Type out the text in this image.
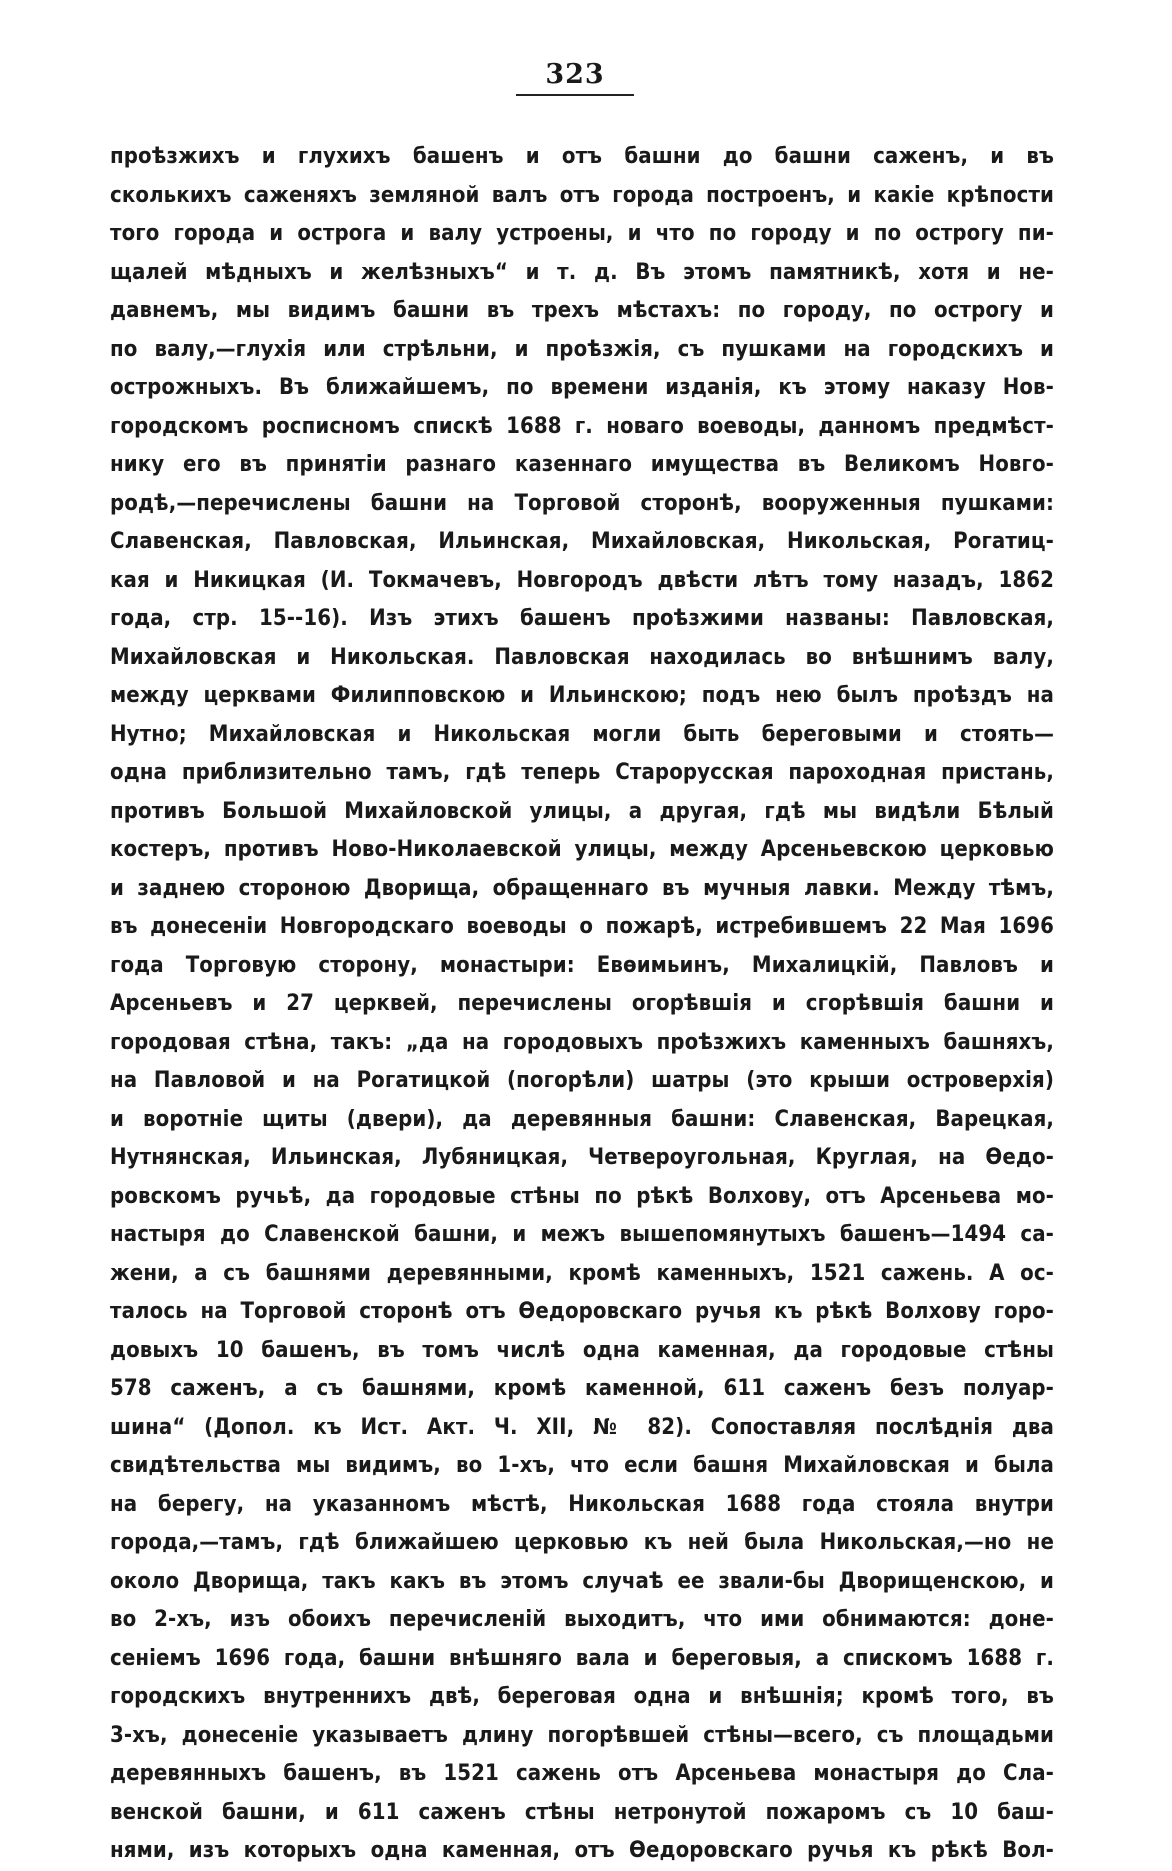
323
проѣзжихъ и глухихъ башенъ и отъ башни до башни саженъ, и въ
сколькихъ саженяхъ земляной валъ отъ города построенъ, и какіе крѣпости
того города и острога и валу устроены, и что по городу и по острогу пи-
щалей мѣдныхъ и желѣзныхъ“ и т. д. Въ этомъ памятникѣ, хотя и не-
давнемъ, мы видимъ башни въ трехъ мѣстахъ: по городу, по острогу и
по валу,—глухія или стрѣльни, и проѣзжія, съ пушками на городскихъ и
острожныхъ. Въ ближайшемъ, по времени изданія, къ этому наказу Нов-
городскомъ росписномъ спискѣ 1688 г. новаго воеводы, данномъ предмѣст-
нику его въ принятіи разнаго казеннаго имущества въ Великомъ Новго-
родѣ,—перечислены башни на Торговой сторонѣ, вооруженныя пушками:
Славенская, Павловская, Ильинская, Михайловская, Никольская, Рогатиц-
кая и Никицкая (И. Токмачевъ, Новгородъ двѣсти лѣтъ тому назадъ, 1862
года, стр. 15--16). Изъ этихъ башенъ проѣзжими названы: Павловская,
Михайловская и Никольская. Павловская находилась во внѣшнимъ валу,
между церквами Филипповскою и Ильинскою; подъ нею былъ проѣздъ на
Нутно; Михайловская и Никольская могли быть береговыми и стоять—
одна приблизительно тамъ, гдѣ теперь Старорусская пароходная пристань,
противъ Большой Михайловской улицы, а другая, гдѣ мы видѣли Бѣлый
костеръ, противъ Ново-Николаевской улицы, между Арсеньевскою церковью
и заднею стороною Дворища, обращеннаго въ мучныя лавки. Между тѣмъ,
въ донесеніи Новгородскаго воеводы о пожарѣ, истребившемъ 22 Мая 1696
года Торговую сторону, монастыри: Евѳимьинъ, Михалицкій, Павловъ и
Арсеньевъ и 27 церквей, перечислены огорѣвшія и сгорѣвшія башни и
городовая стѣна, такъ: „да на городовыхъ проѣзжихъ каменныхъ башняхъ,
на Павловой и на Рогатицкой (погорѣли) шатры (это крыши островерхія)
и воротніе щиты (двери), да деревянныя башни: Славенская, Варецкая,
Нутнянская, Ильинская, Лубяницкая, Четвероугольная, Круглая, на Ѳедо-
ровскомъ ручьѣ, да городовые стѣны по рѣкѣ Волхову, отъ Арсеньева мо-
настыря до Славенской башни, и межъ вышепомянутыхъ башенъ—1494 са-
жени, а съ башнями деревянными, кромѣ каменныхъ, 1521 сажень. А ос-
талось на Торговой сторонѣ отъ Ѳедоровскаго ручья къ рѣкѣ Волхову горо-
довыхъ 10 башенъ, въ томъ числѣ одна каменная, да городовые стѣны
578 саженъ, а съ башнями, кромѣ каменной, 611 саженъ безъ полуар-
шина“ (Допол. къ Ист. Акт. Ч. XII, № 82). Сопоставляя послѣднія два
свидѣтельства мы видимъ, во 1-хъ, что если башня Михайловская и была
на берегу, на указанномъ мѣстѣ, Никольская 1688 года стояла внутри
города,—тамъ, гдѣ ближайшею церковью къ ней была Никольская,—но не
около Дворища, такъ какъ въ этомъ случаѣ ее звали-бы Дворищенскою, и
во 2-хъ, изъ обоихъ перечисленій выходитъ, что ими обнимаются: доне-
сеніемъ 1696 года, башни внѣшняго вала и береговыя, а спискомъ 1688 г.
городскихъ внутреннихъ двѣ, береговая одна и внѣшнія; кромѣ того, въ
3-хъ, донесеніе указываетъ длину погорѣвшей стѣны—всего, съ площадьми
деревянныхъ башенъ, въ 1521 сажень отъ Арсеньева монастыря до Сла-
венской башни, и 611 саженъ стѣны нетронутой пожаромъ съ 10 баш-
нями, изъ которыхъ одна каменная, отъ Ѳедоровскаго ручья къ рѣкѣ Вол-
